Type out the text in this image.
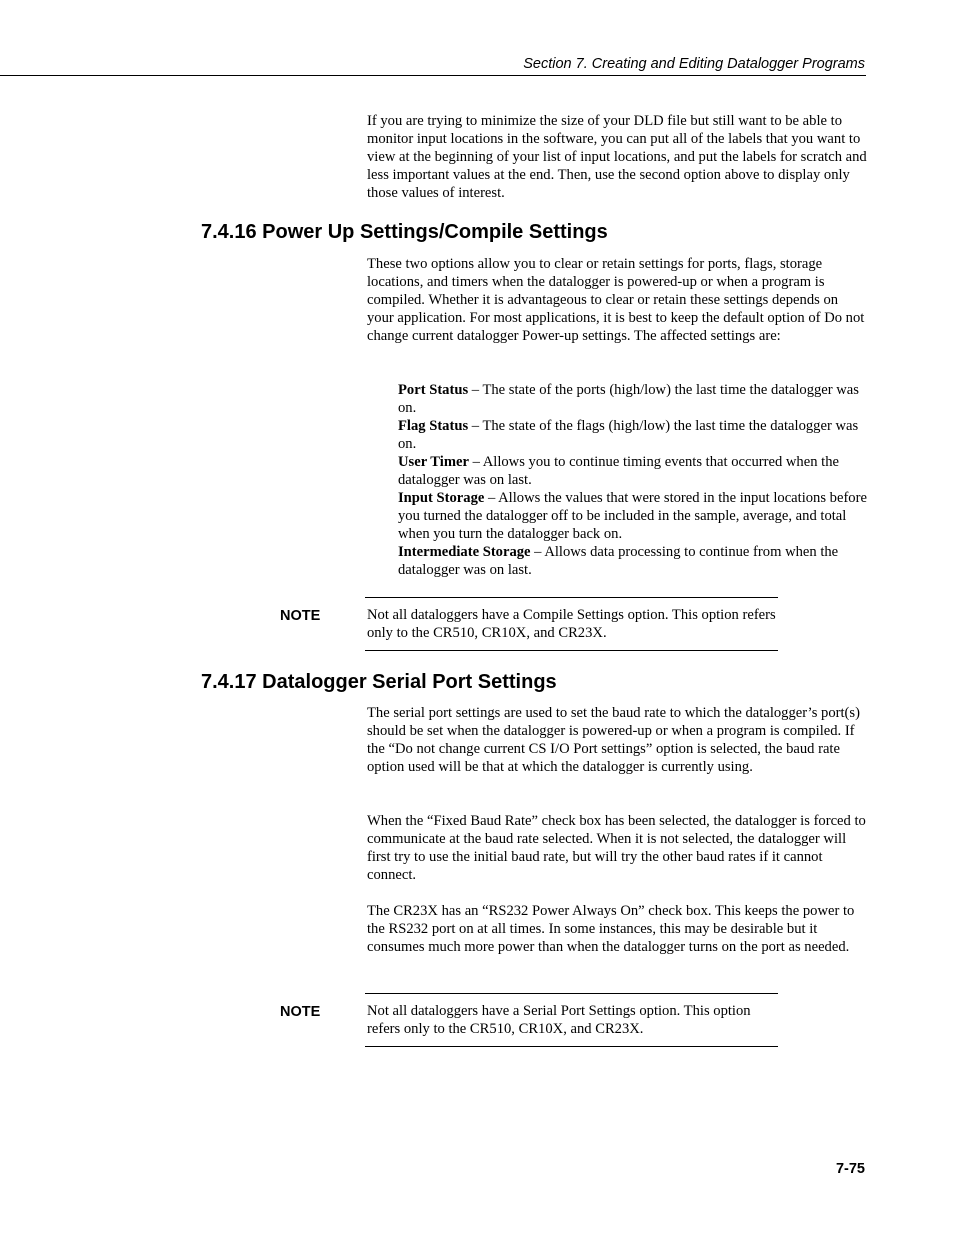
Section 7. Creating and Editing Datalogger Programs

If you are trying to minimize the size of your DLD file but still want to be able to monitor input locations in the software, you can put all of the labels that you want to view at the beginning of your list of input locations, and put the labels for scratch and less important values at the end. Then, use the second option above to display only those values of interest.

7.4.16 Power Up Settings/Compile Settings

These two options allow you to clear or retain settings for ports, flags, storage locations, and timers when the datalogger is powered-up or when a program is compiled. Whether it is advantageous to clear or retain these settings depends on your application. For most applications, it is best to keep the default option of Do not change current datalogger Power-up settings. The affected settings are:

Port Status – The state of the ports (high/low) the last time the datalogger was on.
Flag Status – The state of the flags (high/low) the last time the datalogger was on.
User Timer – Allows you to continue timing events that occurred when the datalogger was on last.
Input Storage – Allows the values that were stored in the input locations before you turned the datalogger off to be included in the sample, average, and total when you turn the datalogger back on.
Intermediate Storage – Allows data processing to continue from when the datalogger was on last.
NOTE	Not all dataloggers have a Compile Settings option. This option refers only to the CR510, CR10X, and CR23X.

7.4.17 Datalogger Serial Port Settings

The serial port settings are used to set the baud rate to which the datalogger’s port(s) should be set when the datalogger is powered-up or when a program is compiled. If the “Do not change current CS I/O Port settings” option is selected, the baud rate option used will be that at which the datalogger is currently using.

When the “Fixed Baud Rate” check box has been selected, the datalogger is forced to communicate at the baud rate selected. When it is not selected, the datalogger will first try to use the initial baud rate, but will try the other baud rates if it cannot connect.

The CR23X has an “RS232 Power Always On” check box. This keeps the power to the RS232 port on at all times. In some instances, this may be desirable but it consumes much more power than when the datalogger turns on the port as needed.

NOTE	Not all dataloggers have a Serial Port Settings option. This option refers only to the CR510, CR10X, and CR23X.

7-75
